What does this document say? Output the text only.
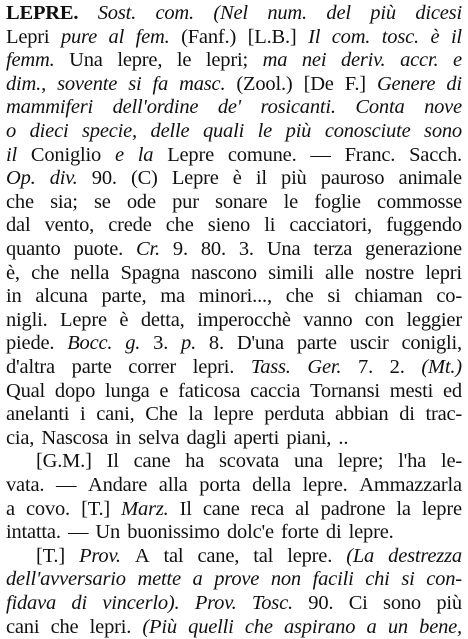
LEPRE. Sost. com. (Nel num. del più dicesi
Lepri pure al fem. (Fanf.) [L.B.] Il com. tosc. è il
femm. Una lepre, le lepri; ma nei deriv. accr. e
dim., sovente si fa masc. (Zool.) [De F.] Genere di
mammiferi dell'ordine de' rosicanti. Conta nove
o dieci specie, delle quali le più conosciute sono
il Coniglio e la Lepre comune. — Franc. Sacch.
Op. div. 90. (C) Lepre è il più pauroso animale
che sia; se ode pur sonare le foglie commosse
dal vento, crede che sieno li cacciatori, fuggendo
quanto puote. Cr. 9. 80. 3. Una terza generazione
è, che nella Spagna nascono simili alle nostre lepri
in alcuna parte, ma minori..., che si chiaman co-
nigli. Lepre è detta, imperocchè vanno con leggier
piede. Bocc. g. 3. p. 8. D'una parte uscir conigli,
d'altra parte correr lepri. Tass. Ger. 7. 2. (Mt.)
Qual dopo lunga e faticosa caccia Tornansi mesti ed
anelanti i cani, Che la lepre perduta abbian di trac-
cia, Nascosa in selva dagli aperti piani, ..
[G.M.] Il cane ha scovata una lepre; l'ha le-
vata. — Andare alla porta della lepre. Ammazzarla
a covo. [T.] Marz. Il cane reca al padrone la lepre
intatta. — Un buonissimo dolc'e forte di lepre.
[T.] Prov. A tal cane, tal lepre. (La destrezza
dell'avversario mette a prove non facili chi si con-
fidava di vincerlo). Prov. Tosc. 90. Ci sono più
cani che lepri. (Più quelli che aspirano a un bene,
